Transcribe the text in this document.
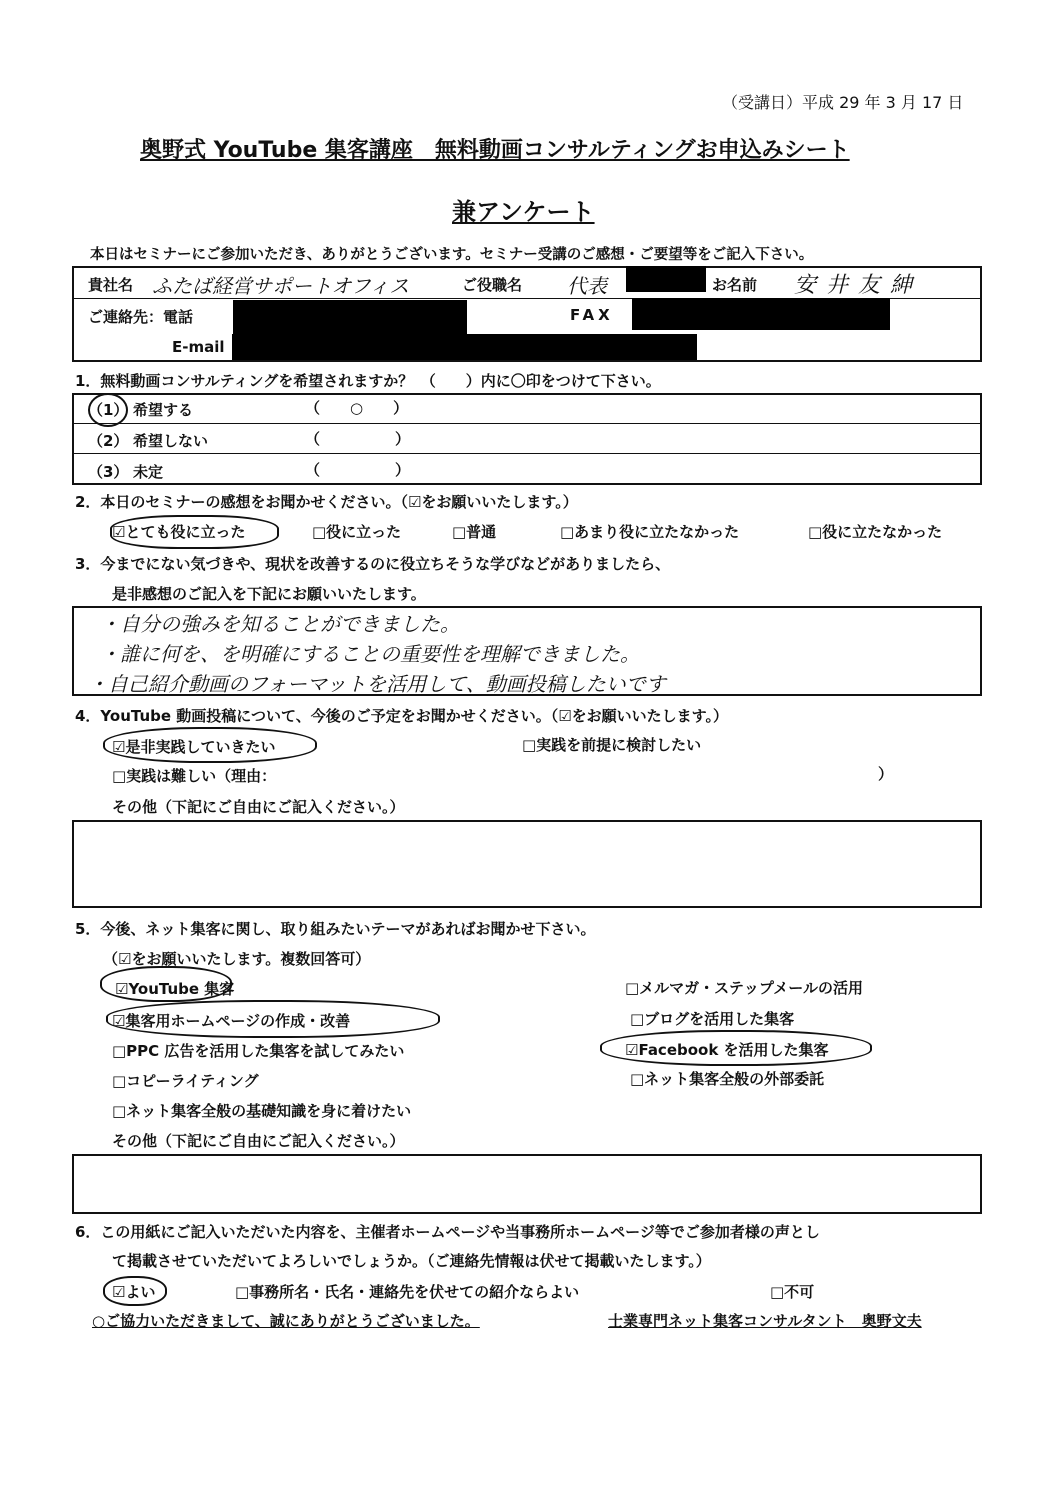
（受講日）平成 29 年 3 月 17 日
奥野式 YouTube 集客講座　無料動画コンサルティングお申込みシート
兼アンケート
本日はセミナーにご参加いただき、ありがとうございます。セミナー受講のご感想・ご要望等をご記入下さい。
貴社名 ふたば経営サポートオフィス	ご役職名 代表	お名前 安井友紳
ご連絡先：電話	FAX
E-mail
1．無料動画コンサルティングを希望されますか？　（　　）内に〇印をつけて下さい。
（1） 希望する	（　　○　　）
（2） 希望しない	（　　　　　）
（3） 未定	（　　　　　）
2．本日のセミナーの感想をお聞かせください。（☑をお願いいたします。）
☑とても役に立った	□役に立った	□普通	□あまり役に立たなかった	□役に立たなかった
3．今までにない気づきや、現状を改善するのに役立ちそうな学びなどがありましたら、
是非感想のご記入を下記にお願いいたします。
・自分の強みを知ることができました。
・誰に何を、を明確にすることの重要性を理解できました。
・自己紹介動画のフォーマットを活用して、動画投稿したいです
4．YouTube 動画投稿について、今後のご予定をお聞かせください。（☑をお願いいたします。）
☑是非実践していきたい	□実践を前提に検討したい
□実践は難しい（理由：	）
その他（下記にご自由にご記入ください。）
5．今後、ネット集客に関し、取り組みたいテーマがあればお聞かせ下さい。
（☑をお願いいたします。複数回答可）
☑YouTube 集客
☑集客用ホームページの作成・改善
□PPC 広告を活用した集客を試してみたい
□コピーライティング
□ネット集客全般の基礎知識を身に着けたい
□メルマガ・ステップメールの活用
□ブログを活用した集客
☑Facebook を活用した集客
□ネット集客全般の外部委託
その他（下記にご自由にご記入ください。）
6．この用紙にご記入いただいた内容を、主催者ホームページや当事務所ホームページ等でご参加者様の声とし
て掲載させていただいてよろしいでしょうか。（ご連絡先情報は伏せて掲載いたします。）
☑よい	□事務所名・氏名・連絡先を伏せての紹介ならよい	□不可
○ご協力いただきまして、誠にありがとうございました。	士業専門ネット集客コンサルタント　奥野文夫
